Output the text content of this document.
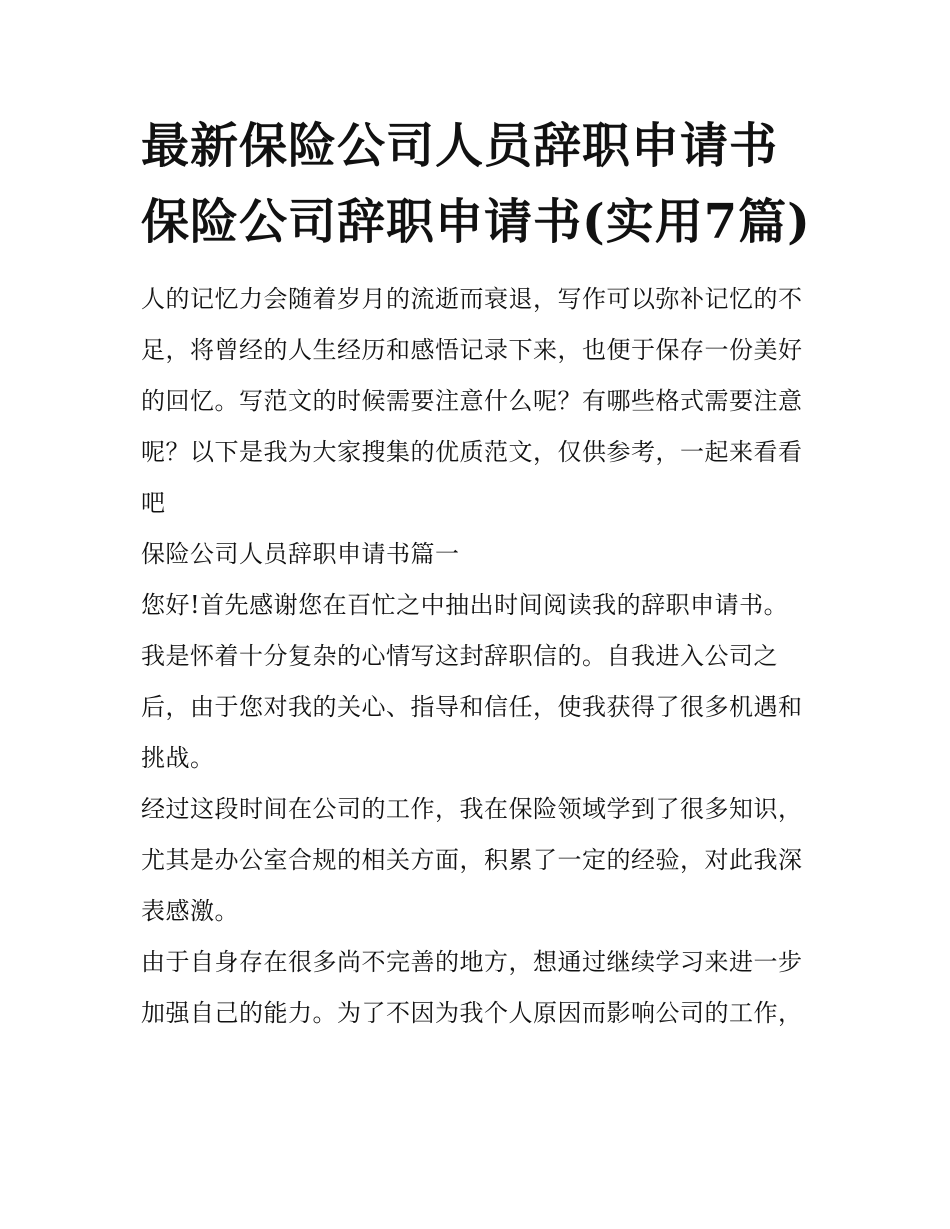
最新保险公司人员辞职申请书 保险公司辞职申请书(实用7篇)

人的记忆力会随着岁月的流逝而衰退，写作可以弥补记忆的不足，将曾经的人生经历和感悟记录下来，也便于保存一份美好的回忆。写范文的时候需要注意什么呢？有哪些格式需要注意呢？以下是我为大家搜集的优质范文，仅供参考，一起来看看吧

保险公司人员辞职申请书篇一

您好!首先感谢您在百忙之中抽出时间阅读我的辞职申请书。

我是怀着十分复杂的心情写这封辞职信的。自我进入公司之后，由于您对我的关心、指导和信任，使我获得了很多机遇和挑战。

经过这段时间在公司的工作，我在保险领域学到了很多知识，尤其是办公室合规的相关方面，积累了一定的经验，对此我深表感激。

由于自身存在很多尚不完善的地方，想通过继续学习来进一步加强自己的能力。为了不因为我个人原因而影响公司的工作，
